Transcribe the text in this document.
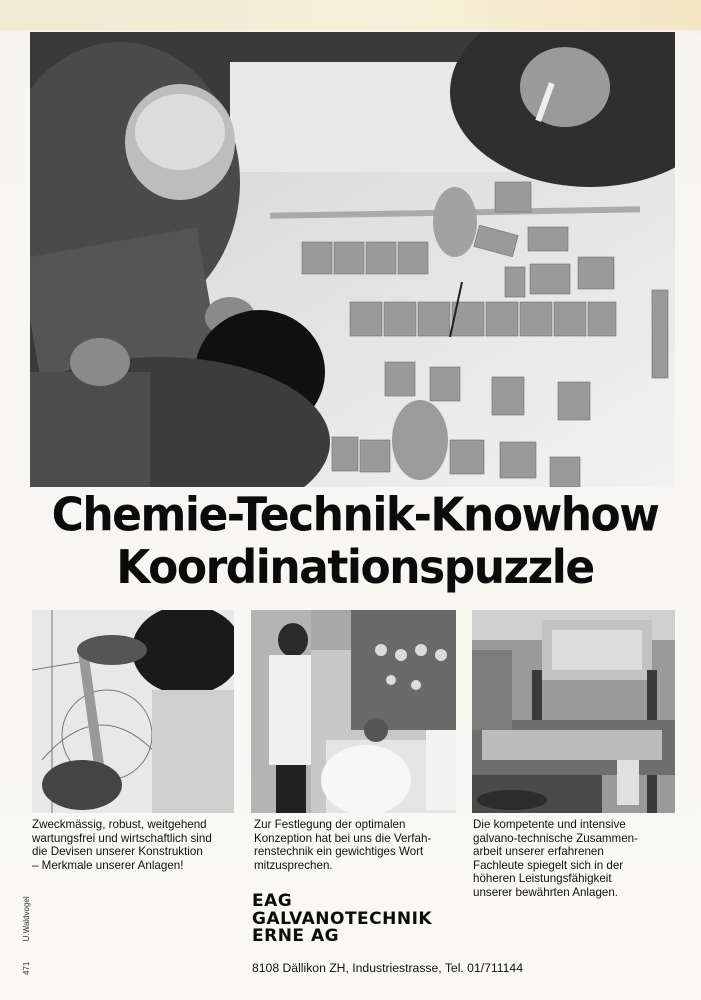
Chemie-Technik-Knowhow
Koordinationspuzzle
Zweckmässig, robust, weitgehend
wartungsfrei und wirtschaftlich sind
die Devisen unserer Konstruktion
– Merkmale unserer Anlagen!
Zur Festlegung der optimalen
Konzeption hat bei uns die Verfah-
renstechnik ein gewichtiges Wort
mitzusprechen.
Die kompetente und intensive
galvano-technische Zusammen-
arbeit unserer erfahrenen
Fachleute spiegelt sich in der
höheren Leistungsfähigkeit
unserer bewährten Anlagen.
EAG
GALVANOTECHNIK
ERNE AG
8108 Dällikon ZH, Industriestrasse, Tel. 01/711144
471 U.Waldvogel
